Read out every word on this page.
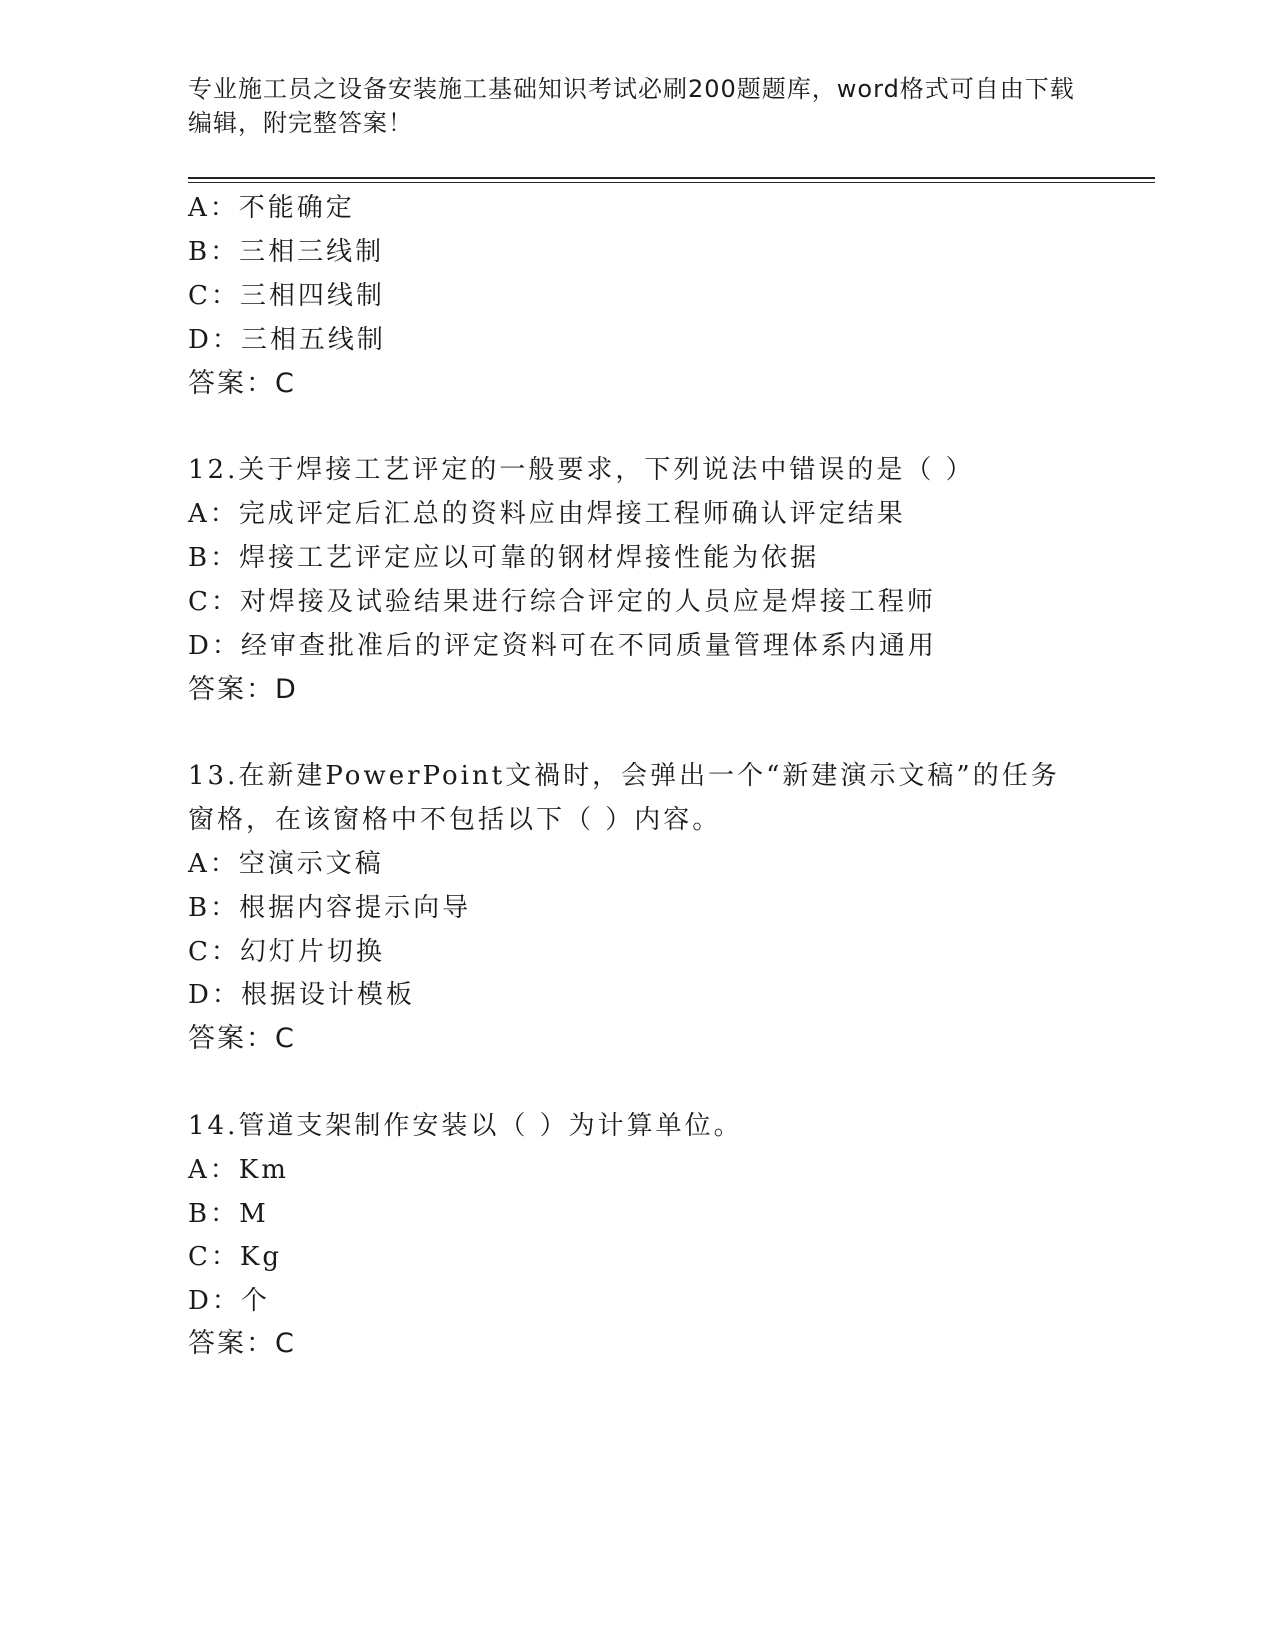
专业施工员之设备安装施工基础知识考试必刷200题题库，word格式可自由下载
编辑，附完整答案！
A：不能确定
B：三相三线制
C：三相四线制
D：三相五线制
答案：C
12.关于焊接工艺评定的一般要求，下列说法中错误的是（ ）
A：完成评定后汇总的资料应由焊接工程师确认评定结果
B：焊接工艺评定应以可靠的钢材焊接性能为依据
C：对焊接及试验结果进行综合评定的人员应是焊接工程师
D：经审查批准后的评定资料可在不同质量管理体系内通用
答案：D
13.在新建PowerPoint文禍时，会弹出一个“新建演示文稿”的任务
窗格，在该窗格中不包括以下（ ）内容。
A：空演示文稿
B：根据内容提示向导
C：幻灯片切换
D：根据设计模板
答案：C
14.管道支架制作安装以（ ）为计算单位。
A：Km
B：M
C：Kg
D：个
答案：C
